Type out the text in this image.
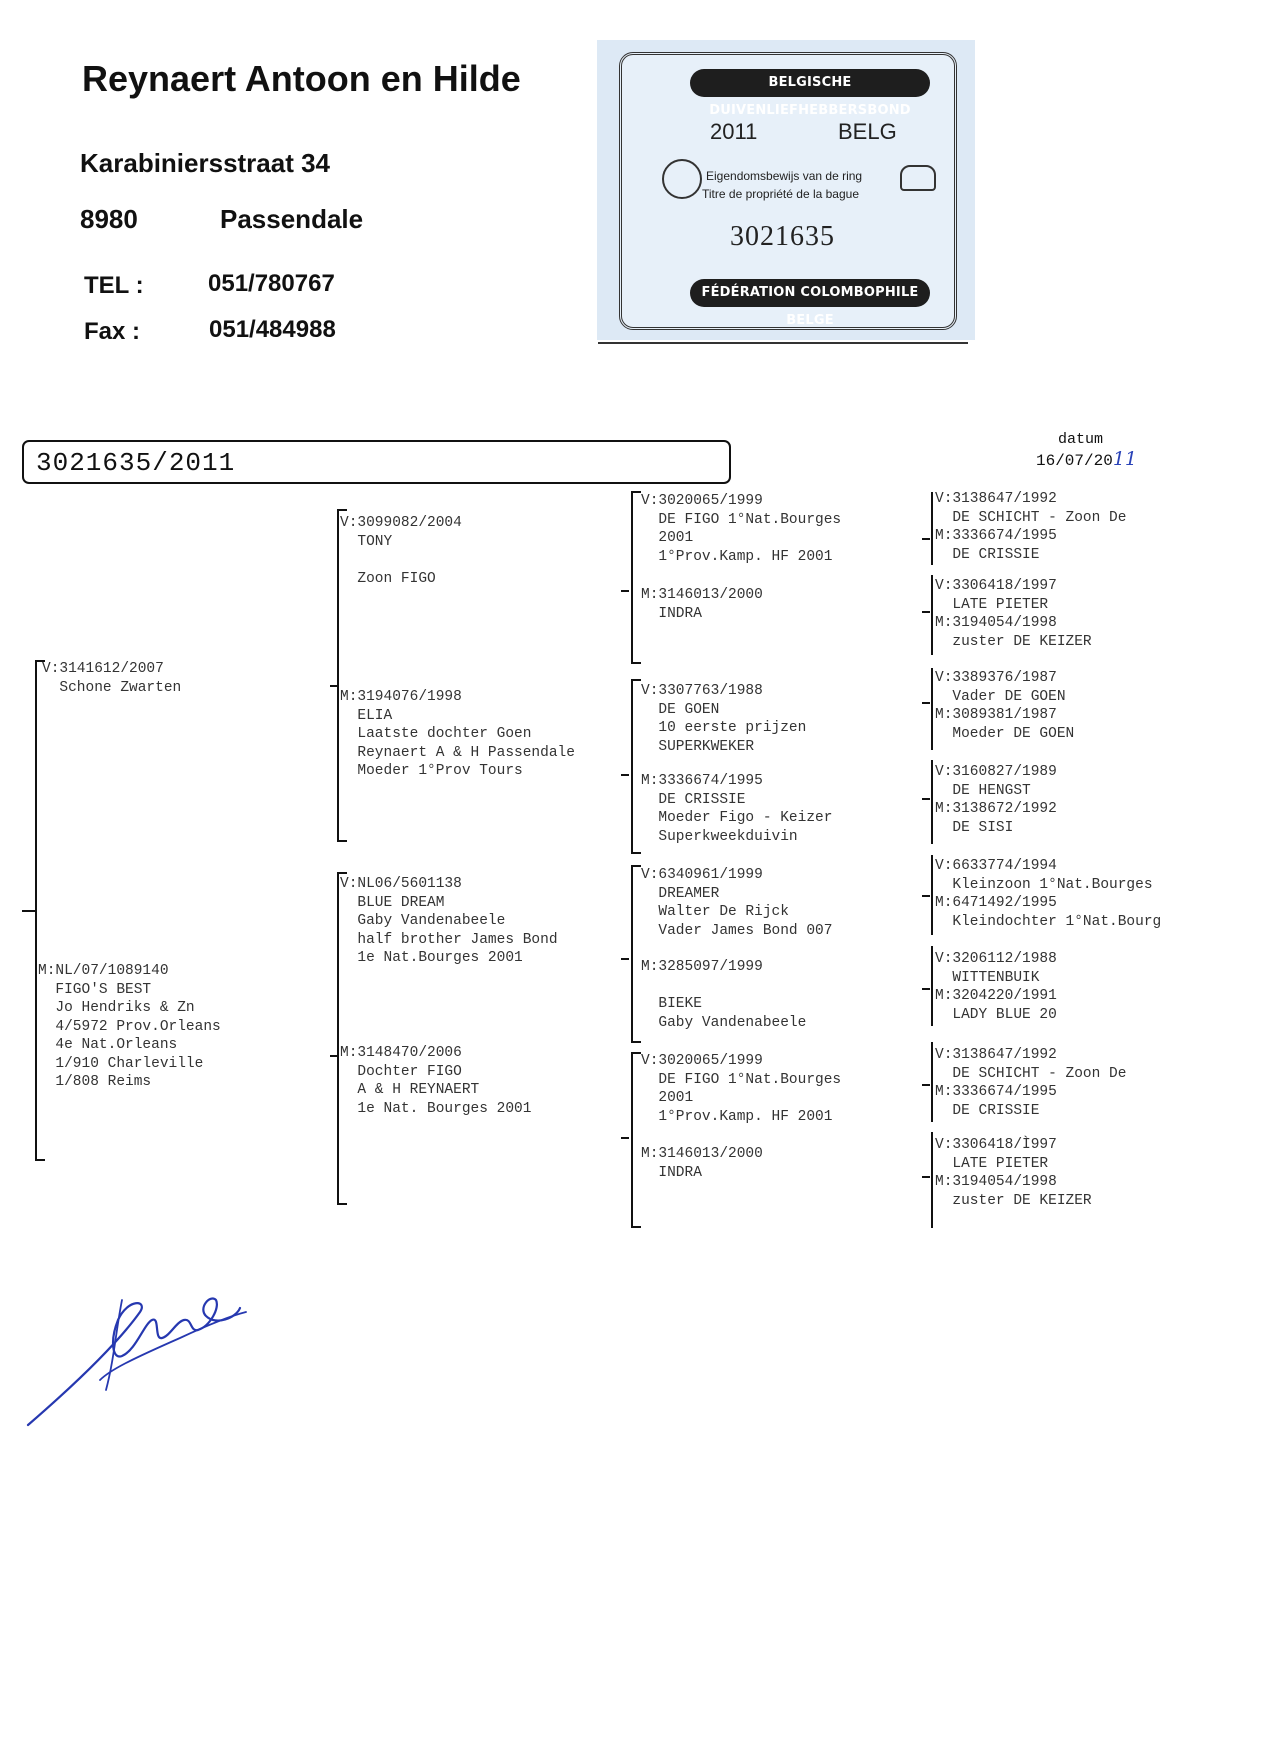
Reynaert Antoon en Hilde
Karabiniersstraat 34
8980	Passendale
TEL :	051/780767
Fax :	051/484988
BELGISCHE DUIVENLIEFHEBBERSBOND
2011	BELG
Eigendomsbewijs van de ring
Titre de propriété de la bague
3021635
FÉDÉRATION COLOMBOPHILE BELGE
3021635/2011
datum
16/07/2011
V:3141612/2007
Schone Zwarten
M:NL/07/1089140
FIGO'S BEST
Jo Hendriks & Zn
4/5972 Prov.Orleans
4e Nat.Orleans
1/910 Charleville
1/808 Reims
V:3099082/2004
TONY

Zoon FIGO
M:3194076/1998
ELIA
Laatste dochter Goen
Reynaert A & H Passendale
Moeder 1°Prov Tours
V:NL06/5601138
BLUE DREAM
Gaby Vandenabeele
half brother James Bond
1e Nat.Bourges 2001
M:3148470/2006
Dochter FIGO
A & H REYNAERT
1e Nat. Bourges 2001
V:3020065/1999
DE FIGO 1°Nat.Bourges
2001
1°Prov.Kamp. HF 2001
M:3146013/2000
INDRA
V:3307763/1988
DE GOEN
10 eerste prijzen
SUPERKWEKER
M:3336674/1995
DE CRISSIE
Moeder Figo - Keizer
Superkweekduivin
V:6340961/1999
DREAMER
Walter De Rijck
Vader James Bond 007
M:3285097/1999

BIEKE
Gaby Vandenabeele
V:3020065/1999
DE FIGO 1°Nat.Bourges
2001
1°Prov.Kamp. HF 2001
M:3146013/2000
INDRA
V:3138647/1992
DE SCHICHT - Zoon De
M:3336674/1995
DE CRISSIE
V:3306418/1997
LATE PIETER
M:3194054/1998
zuster DE KEIZER
V:3389376/1987
Vader DE GOEN
M:3089381/1987
Moeder DE GOEN
V:3160827/1989
DE HENGST
M:3138672/1992
DE SISI
V:6633774/1994
Kleinzoon 1°Nat.Bourges
M:6471492/1995
Kleindochter 1°Nat.Bourg
V:3206112/1988
WITTENBUIK
M:3204220/1991
LADY BLUE 20
V:3138647/1992
DE SCHICHT - Zoon De
M:3336674/1995
DE CRISSIE
V:3306418/Ì997
LATE PIETER
M:3194054/1998
zuster DE KEIZER
